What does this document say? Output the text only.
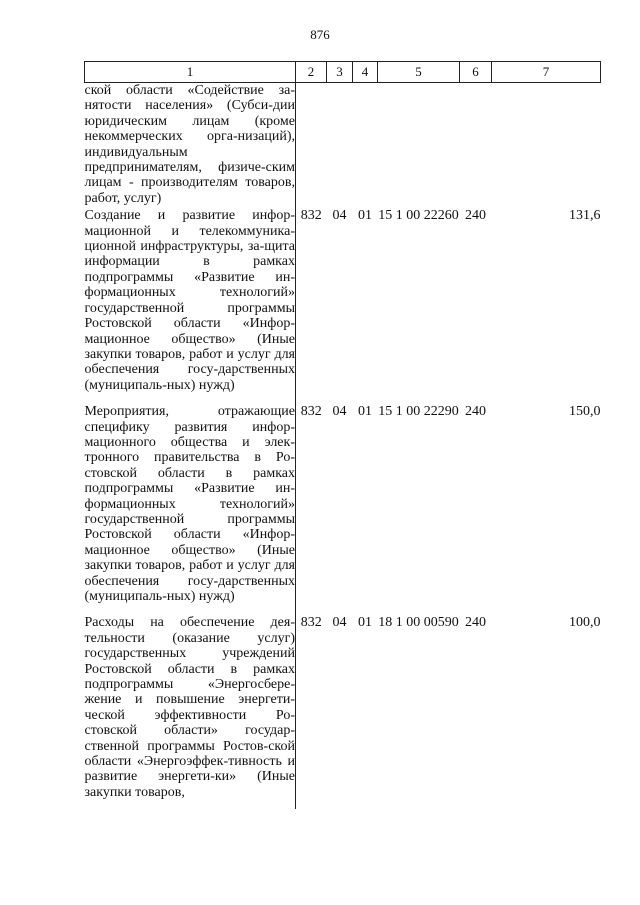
876
1	2	3	4	5	6	7
ской области «Содействие за-нятости населения» (Субси-дии юридическим лицам (кроме некоммерческих орга-низаций), индивидуальным предпринимателям, физиче-ским лицам - производителям товаров, работ, услуг)						
Создание и развитие инфор-мационной и телекоммуника-ционной инфраструктуры, за-щита информации в рамках подпрограммы «Развитие ин-формационных технологий» государственной программы Ростовской области «Инфор-мационное общество» (Иные закупки товаров, работ и услуг для обеспечения госу-дарственных (муниципаль-ных) нужд)	832	04	01	15 1 00 22260	240	131,6
Мероприятия, отражающие специфику развития инфор-мационного общества и элек-тронного правительства в Ро-стовской области в рамках подпрограммы «Развитие ин-формационных технологий» государственной программы Ростовской области «Инфор-мационное общество» (Иные закупки товаров, работ и услуг для обеспечения госу-дарственных (муниципаль-ных) нужд)	832	04	01	15 1 00 22290	240	150,0
Расходы на обеспечение дея-тельности (оказание услуг) государственных учреждений Ростовской области в рамках подпрограммы «Энергосбере-жение и повышение энергети-ческой эффективности Ро-стовской области» государ-ственной программы Ростов-ской области «Энергоэффек-тивность и развитие энергети-ки» (Иные закупки товаров,	832	04	01	18 1 00 00590	240	100,0
